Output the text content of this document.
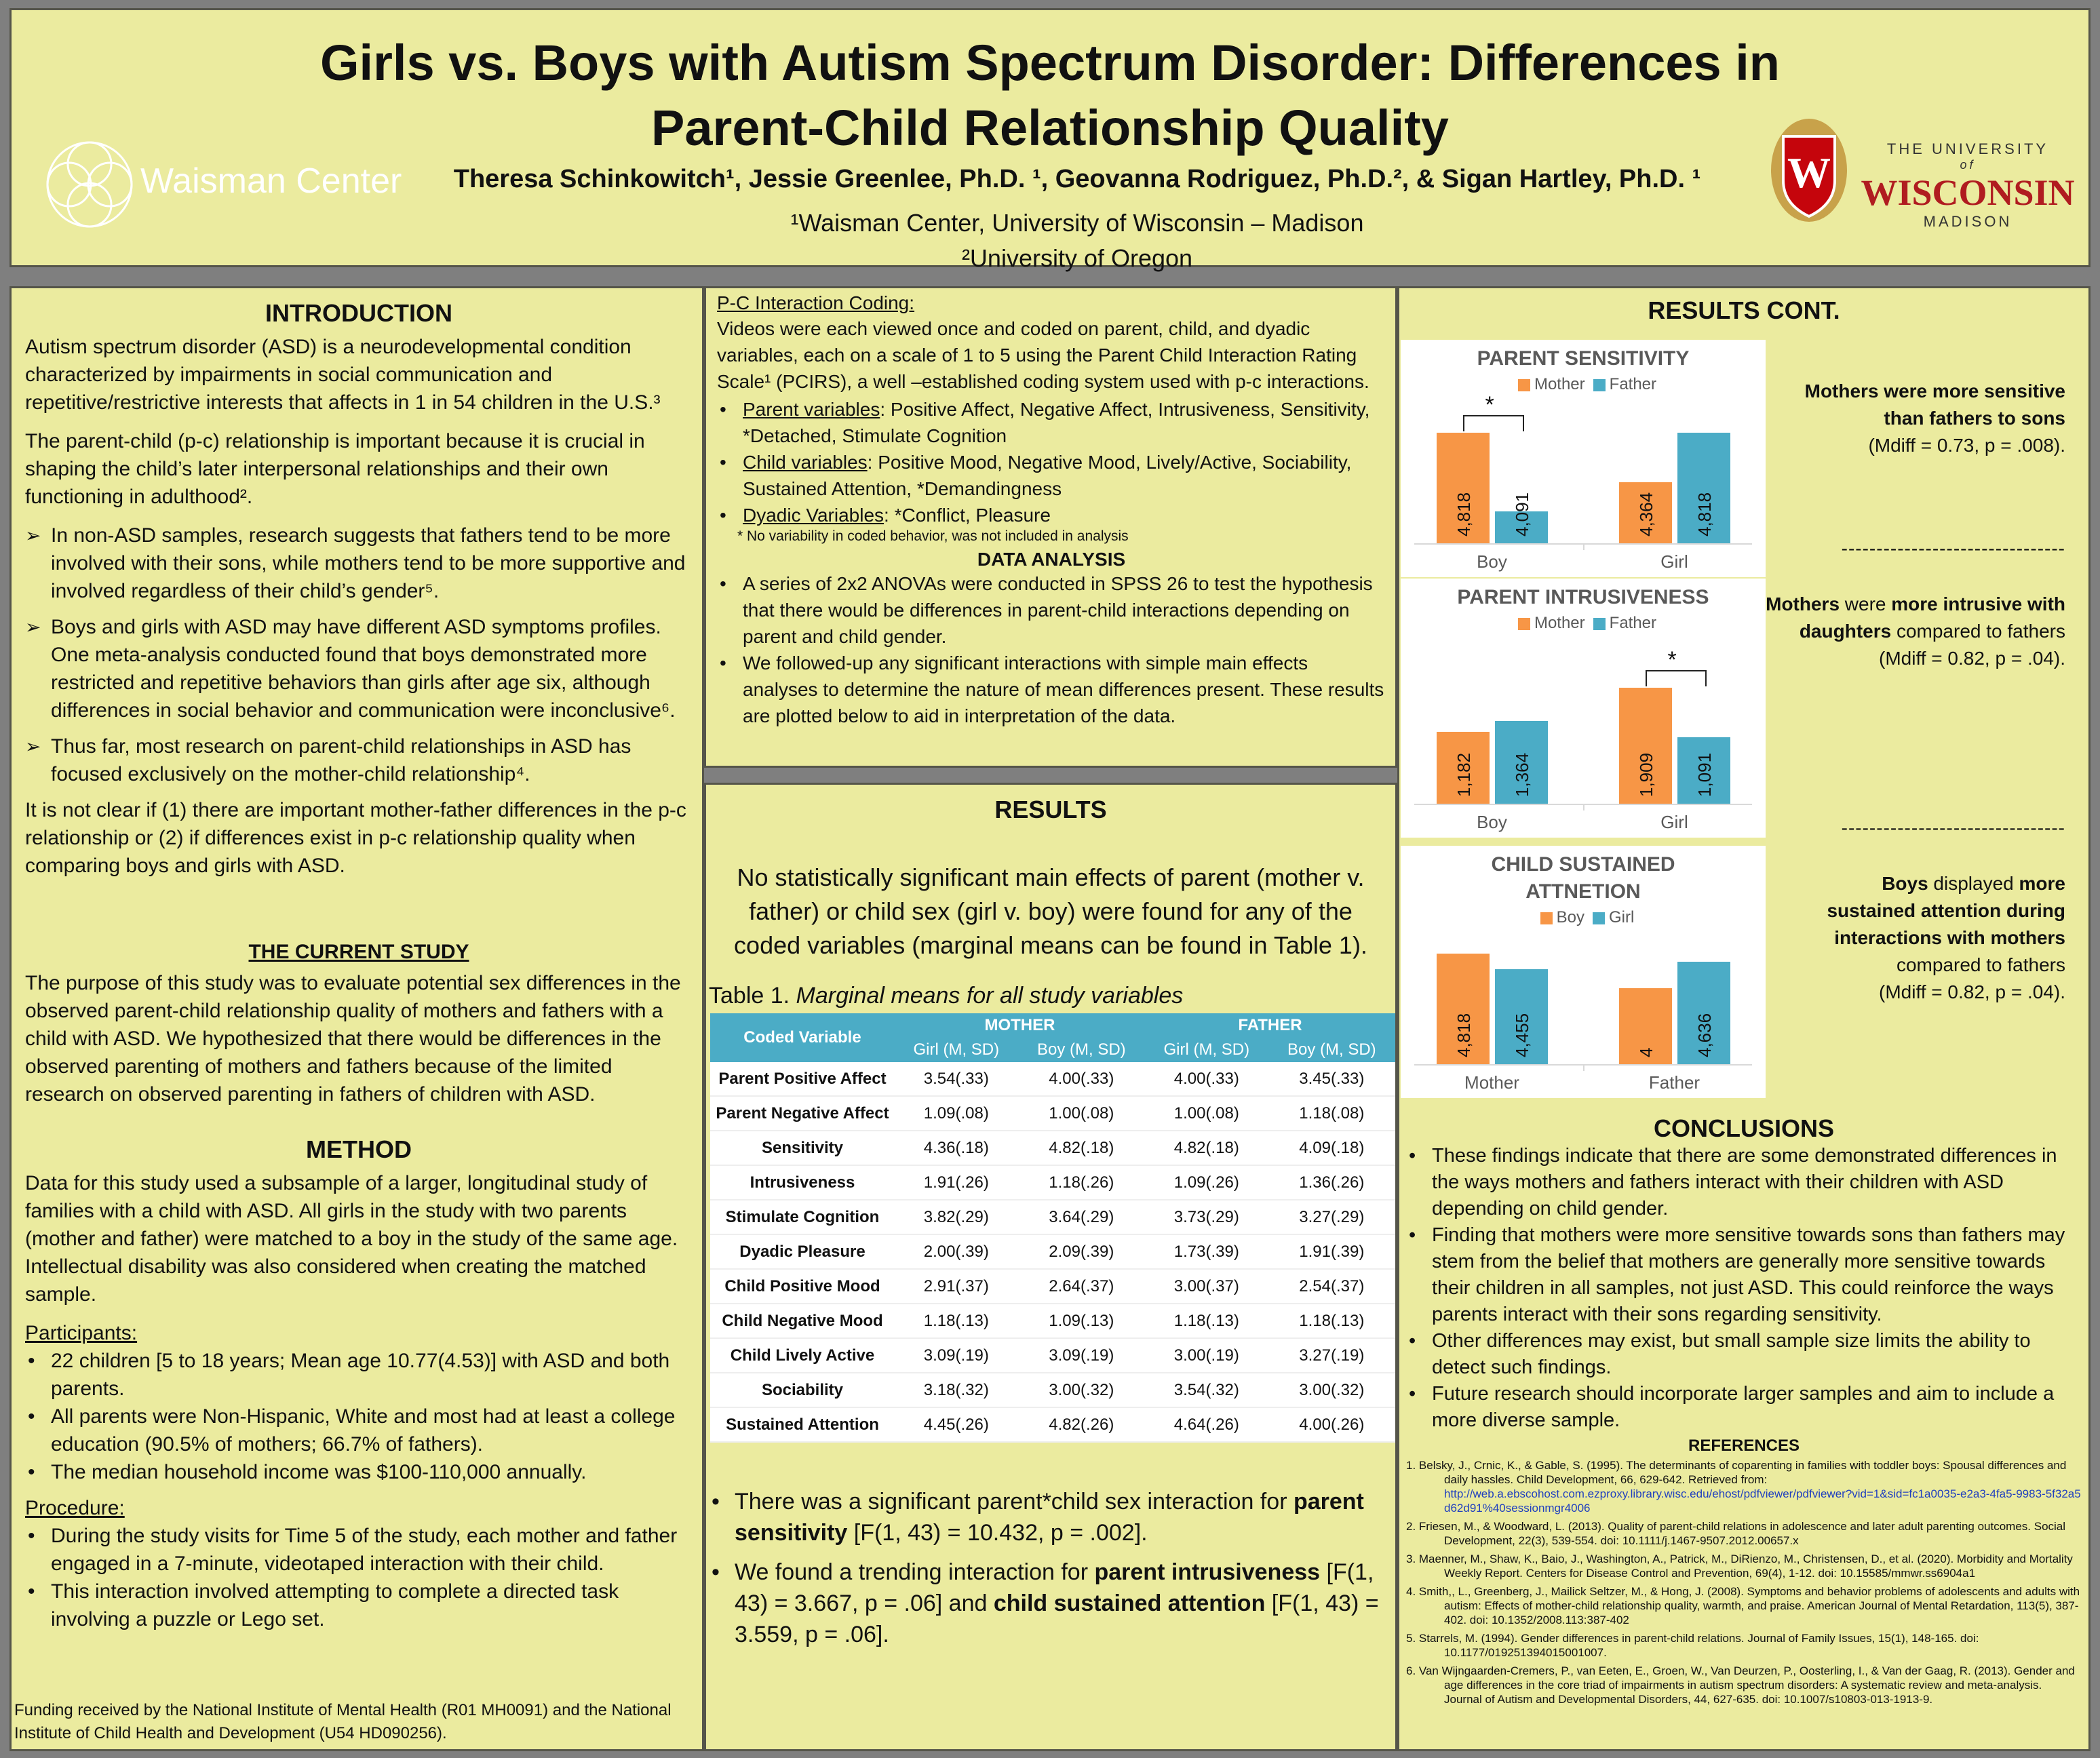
Waisman Center
Girls vs. Boys with Autism Spectrum Disorder: Differences in
Parent-Child Relationship Quality
Theresa Schinkowitch¹, Jessie Greenlee, Ph.D. ¹, Geovanna Rodriguez, Ph.D.², & Sigan Hartley, Ph.D. ¹
¹Waisman Center, University of Wisconsin – Madison
²University of Oregon
W	THE UNIVERSITY
of
WISCONSIN
MADISON
INTRODUCTION

Autism spectrum disorder (ASD) is a neurodevelopmental condition characterized by impairments in social communication and repetitive/restrictive interests that affects in 1 in 54 children in the U.S.³

The parent-child (p-c) relationship is important because it is crucial in shaping the child’s later interpersonal relationships and their own functioning in adulthood².

➢ In non-ASD samples, research suggests that fathers tend to be more involved with their sons, while mothers tend to be more supportive and involved regardless of their child’s gender⁵.
➢ Boys and girls with ASD may have different ASD symptoms profiles. One meta-analysis conducted found that boys demonstrated more restricted and repetitive behaviors than girls after age six, although differences in social behavior and communication were inconclusive⁶.
➢ Thus far, most research on parent-child relationships in ASD has focused exclusively on the mother-child relationship⁴.

It is not clear if (1) there are important mother-father differences in the p-c relationship or (2) if differences exist in p-c relationship quality when comparing boys and girls with ASD.

THE CURRENT STUDY

The purpose of this study was to evaluate potential sex differences in the observed parent-child relationship quality of mothers and fathers with a child with ASD. We hypothesized that there would be differences in the observed parenting of mothers and fathers because of the limited research on observed parenting in fathers of children with ASD.

METHOD

Data for this study used a subsample of a larger, longitudinal study of families with a child with ASD. All girls in the study with two parents (mother and father) were matched to a boy in the study of the same age. Intellectual disability was also considered when creating the matched sample.

Participants:
• 22 children [5 to 18 years; Mean age 10.77(4.53)] with ASD and both parents.
• All parents were Non-Hispanic, White and most had at least a college education (90.5% of mothers; 66.7% of fathers).
• The median household income was $100-110,000 annually.
Procedure:
• During the study visits for Time 5 of the study, each mother and father engaged in a 7-minute, videotaped interaction with their child.
• This interaction involved attempting to complete a directed task involving a puzzle or Lego set.
Funding received by the National Institute of Mental Health (R01 MH0091) and the National Institute of Child Health and Development (U54 HD090256).
P-C Interaction Coding:

Videos were each viewed once and coded on parent, child, and dyadic variables, each on a scale of 1 to 5 using the Parent Child Interaction Rating Scale¹ (PCIRS), a well –established coding system used with p-c interactions.

• Parent variables: Positive Affect, Negative Affect, Intrusiveness, Sensitivity, *Detached, Stimulate Cognition
• Child variables: Positive Mood, Negative Mood, Lively/Active, Sociability, Sustained Attention, *Demandingness
• Dyadic Variables: *Conflict, Pleasure
* No variability in coded behavior, was not included in analysis
DATA ANALYSIS
• A series of 2x2 ANOVAs were conducted in SPSS 26 to test the hypothesis that there would be differences in parent-child interactions depending on parent and child gender.
• We followed-up any significant interactions with simple main effects analyses to determine the nature of mean differences present. These results are plotted below to aid in interpretation of the data.
RESULTS

No statistically significant main effects of parent (mother v. father) or child sex (girl v. boy) were found for any of the coded variables (marginal means can be found in Table 1).

Table 1. Marginal means for all study variables
Coded Variable	MOTHER		FATHER	
	Girl (M, SD)	Boy (M, SD)	Girl (M, SD)	Boy (M, SD)
Parent Positive Affect	3.54(.33)	4.00(.33)	4.00(.33)	3.45(.33)
Parent Negative Affect	1.09(.08)	1.00(.08)	1.00(.08)	1.18(.08)
Sensitivity	4.36(.18)	4.82(.18)	4.82(.18)	4.09(.18)
Intrusiveness	1.91(.26)	1.18(.26)	1.09(.26)	1.36(.26)
Stimulate Cognition	3.82(.29)	3.64(.29)	3.73(.29)	3.27(.29)
Dyadic Pleasure	2.00(.39)	2.09(.39)	1.73(.39)	1.91(.39)
Child Positive Mood	2.91(.37)	2.64(.37)	3.00(.37)	2.54(.37)
Child Negative Mood	1.18(.13)	1.09(.13)	1.18(.13)	1.18(.13)
Child Lively Active	3.09(.19)	3.09(.19)	3.00(.19)	3.27(.19)
Sociability	3.18(.32)	3.00(.32)	3.54(.32)	3.00(.32)
Sustained Attention	4.45(.26)	4.82(.26)	4.64(.26)	4.00(.26)
• There was a significant parent*child sex interaction for parent sensitivity [F(1, 43) = 10.432, p = .002].
• We found a trending interaction for parent intrusiveness [F(1, 43) = 3.667, p = .06] and child sustained attention [F(1, 43) = 3.559, p = .06].
RESULTS CONT.
PARENT SENSITIVITY
Mother Father
4,818 4,091
Boy
4,364 4,818
Girl
*
PARENT INTRUSIVENESS
Mother Father
1,182 1,364
Boy
1,909 1,091
Girl
*
CHILD SUSTAINED ATTNETION
Boy Girl
4,818 4,455
Mother
4 4,636
Father
Mothers were more sensitive than fathers to sons
(Mdiff = 0.73, p = .008).
--------------------------------
Mothers were more intrusive with daughters compared to fathers
(Mdiff = 0.82, p = .04).
--------------------------------
Boys displayed more sustained attention during interactions with mothers compared to fathers
(Mdiff = 0.82, p = .04).
CONCLUSIONS
• These findings indicate that there are some demonstrated differences in the ways mothers and fathers interact with their children with ASD depending on child gender.
• Finding that mothers were more sensitive towards sons than fathers may stem from the belief that mothers are generally more sensitive towards their children in all samples, not just ASD. This could reinforce the ways parents interact with their sons regarding sensitivity.
• Other differences may exist, but small sample size limits the ability to detect such findings.
• Future research should incorporate larger samples and aim to include a more diverse sample.
REFERENCES
1. Belsky, J., Crnic, K., & Gable, S. (1995). The determinants of coparenting in families with toddler boys: Spousal differences and daily hassles. Child Development, 66, 629-642. Retrieved from:
http://web.a.ebscohost.com.ezproxy.library.wisc.edu/ehost/pdfviewer/pdfviewer?vid=1&sid=fc1a0035-e2a3-4fa5-9983-5f32a5d62d91%40sessionmgr4006
2. Friesen, M., & Woodward, L. (2013). Quality of parent-child relations in adolescence and later adult parenting outcomes. Social Development, 22(3), 539-554. doi: 10.1111/j.1467-9507.2012.00657.x
3. Maenner, M., Shaw, K., Baio, J., Washington, A., Patrick, M., DiRienzo, M., Christensen, D., et al. (2020). Morbidity and Mortality Weekly Report. Centers for Disease Control and Prevention, 69(4), 1-12. doi: 10.15585/mmwr.ss6904a1
4. Smith,, L., Greenberg, J., Mailick Seltzer, M., & Hong, J. (2008). Symptoms and behavior problems of adolescents and adults with autism: Effects of mother-child relationship quality, warmth, and praise. American Journal of Mental Retardation, 113(5), 387-402. doi: 10.1352/2008.113:387-402
5. Starrels, M. (1994). Gender differences in parent-child relations. Journal of Family Issues, 15(1), 148-165. doi: 10.1177/019251394015001007.
6. Van Wijngaarden-Cremers, P., van Eeten, E., Groen, W., Van Deurzen, P., Oosterling, I., & Van der Gaag, R. (2013). Gender and age differences in the core triad of impairments in autism spectrum disorders: A systematic review and meta-analysis. Journal of Autism and Developmental Disorders, 44, 627-635. doi: 10.1007/s10803-013-1913-9.
